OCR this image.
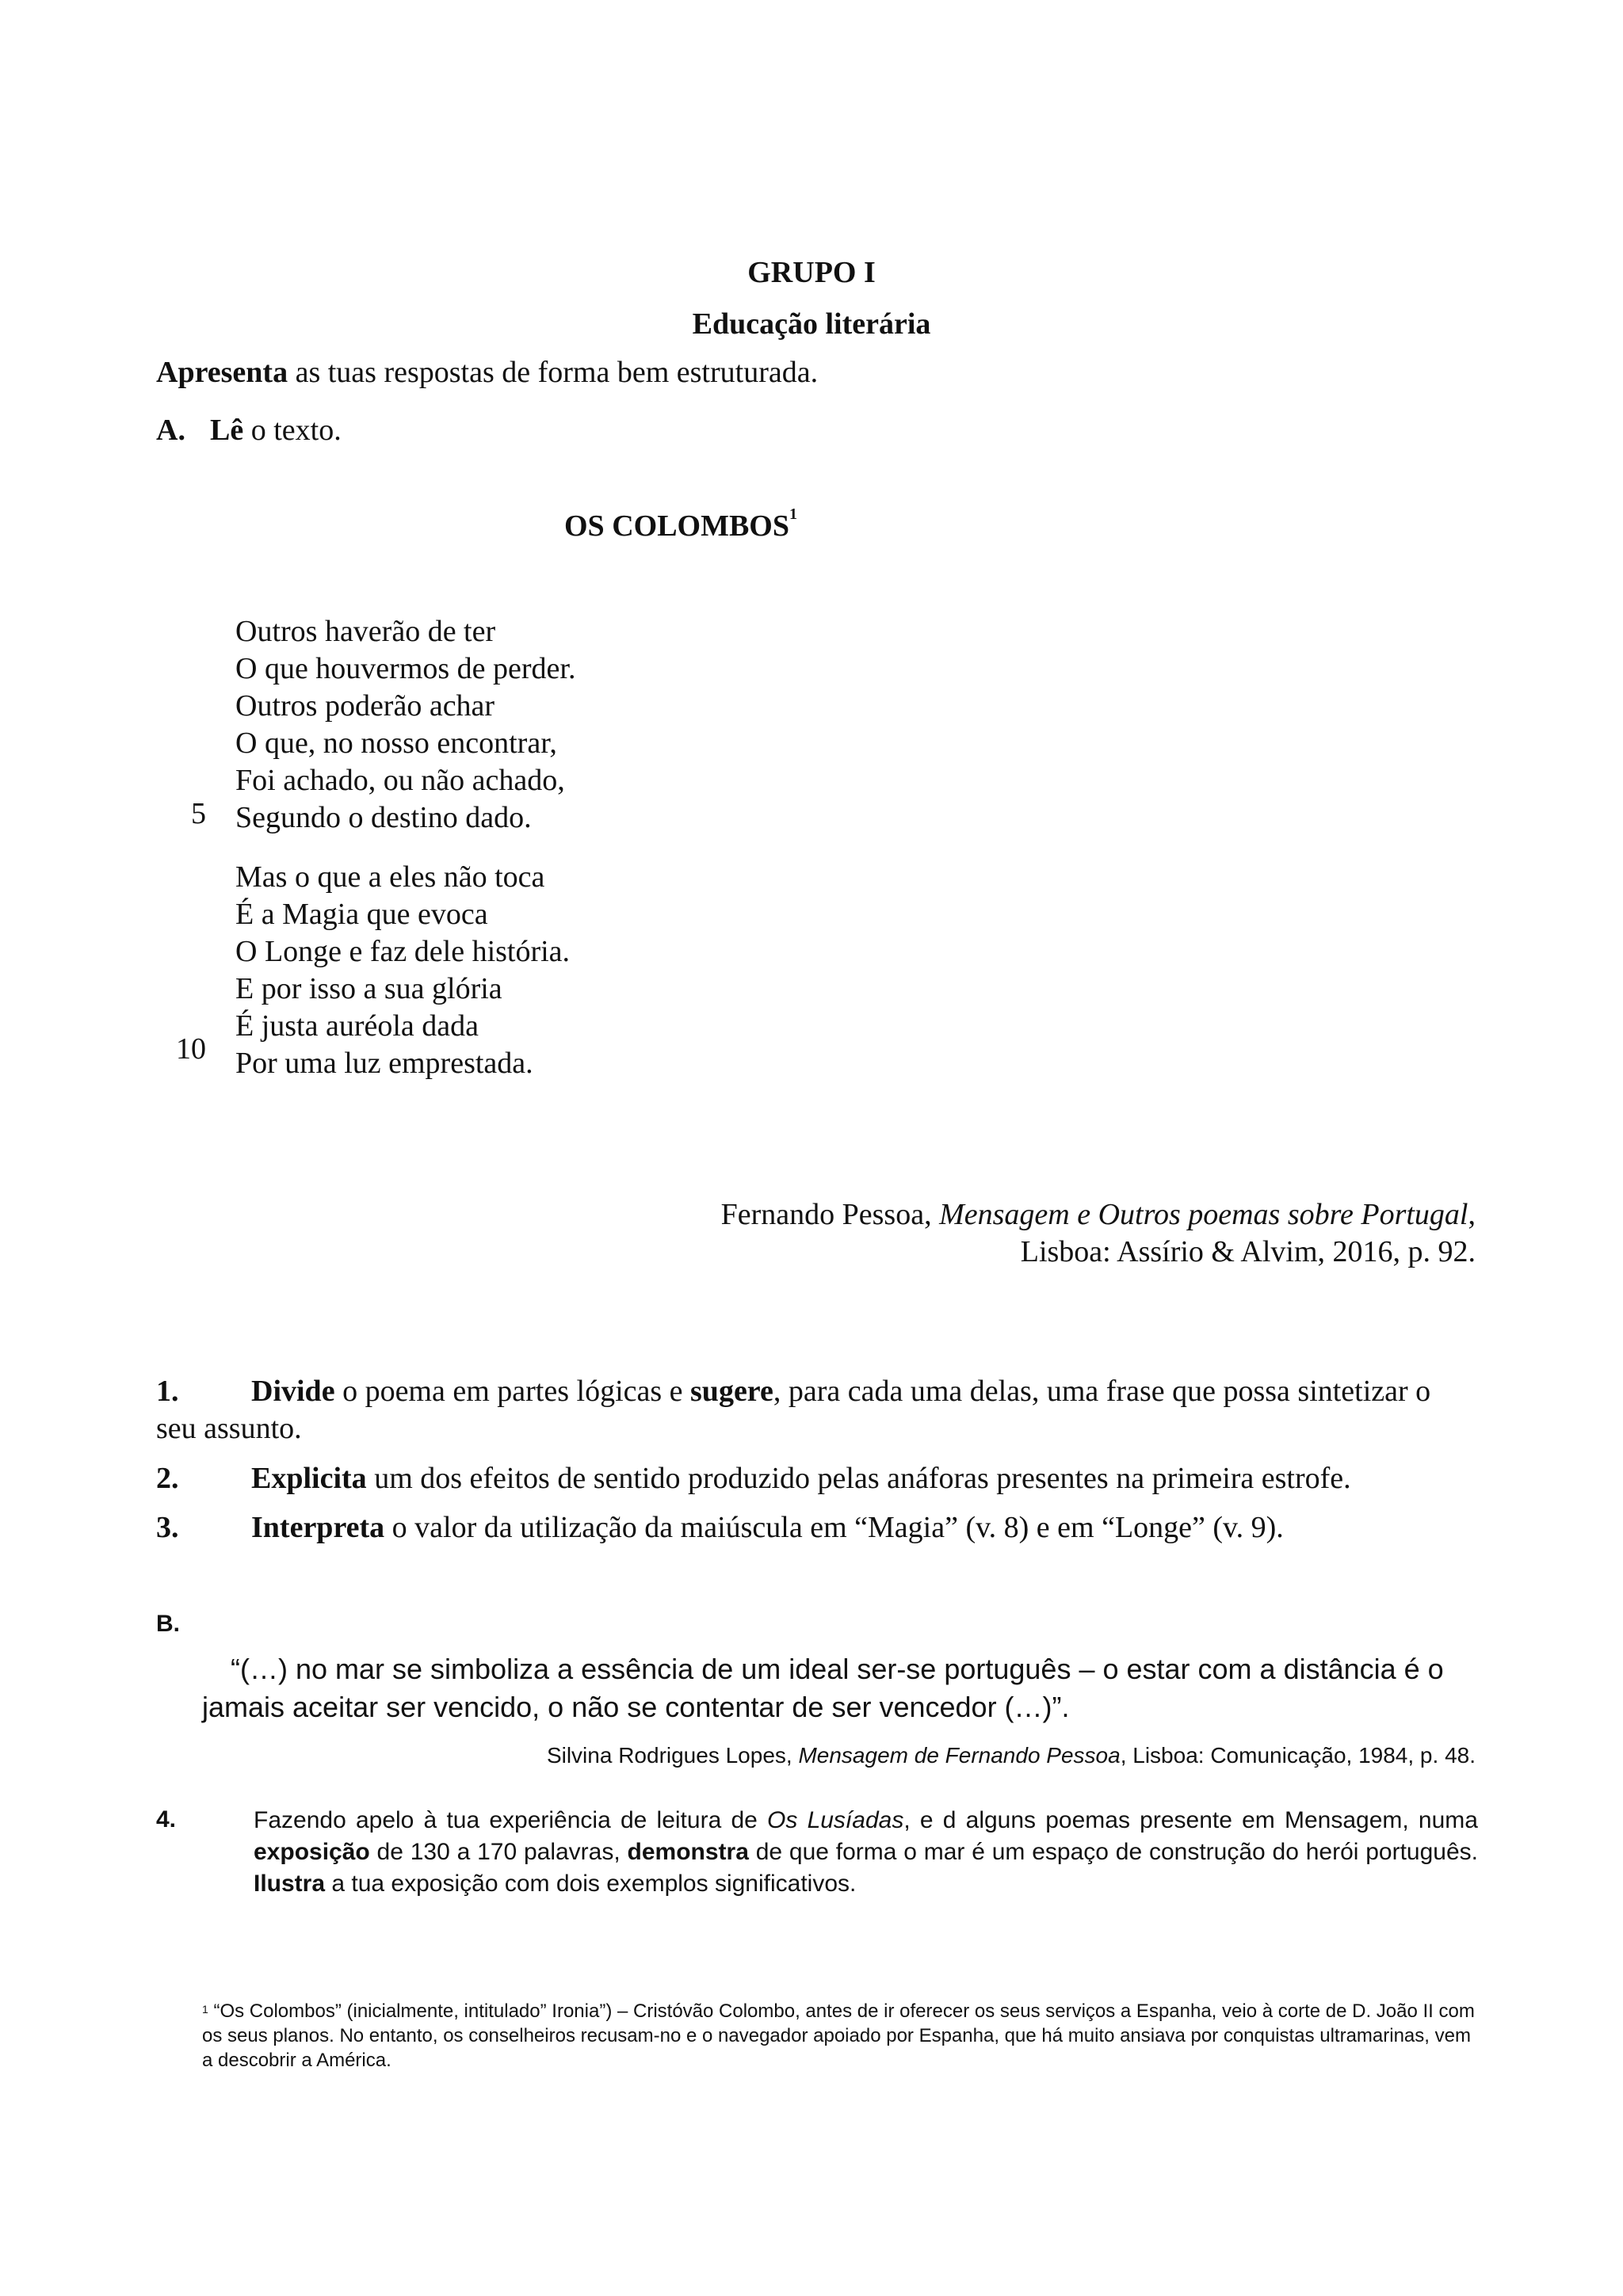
GRUPO I
Educação literária
Apresenta as tuas respostas de forma bem estruturada.
A. Lê o texto.
OS COLOMBOS$^1$
Outros haverão de ter
O que houvermos de perder.
Outros poderão achar
O que, no nosso encontrar,
Foi achado, ou não achado,
Segundo o destino dado.
5
Mas o que a eles não toca
É a Magia que evoca
O Longe e faz dele história.
E por isso a sua glória
É justa auréola dada
Por uma luz emprestada.
10
Fernando Pessoa, Mensagem e Outros poemas sobre Portugal,
Lisboa: Assírio & Alvim, 2016, p. 92.
1. Divide o poema em partes lógicas e sugere, para cada uma delas, uma frase que possa sintetizar o seu assunto.
2. Explicita um dos efeitos de sentido produzido pelas anáforas presentes na primeira estrofe.
3. Interpreta o valor da utilização da maiúscula em “Magia” (v. 8) e em “Longe” (v. 9).
B.
“(…) no mar se simboliza a essência de um ideal ser-se português – o estar com a distância é o jamais aceitar ser vencido, o não se contentar de ser vencedor (…)”.
Silvina Rodrigues Lopes, Mensagem de Fernando Pessoa, Lisboa: Comunicação, 1984, p. 48.
4.	Fazendo apelo à tua experiência de leitura de Os Lusíadas, e d alguns poemas presente em Mensagem, numa exposição de 130 a 170 palavras, demonstra de que forma o mar é um espaço de construção do herói português. Ilustra a tua exposição com dois exemplos significativos.
$^1$ “Os Colombos” (inicialmente, intitulado” Ironia”) – Cristóvão Colombo, antes de ir oferecer os seus serviços a Espanha, veio à corte de D. João II com os seus planos. No entanto, os conselheiros recusam-no e o navegador apoiado por Espanha, que há muito ansiava por conquistas ultramarinas, vem a descobrir a América.
